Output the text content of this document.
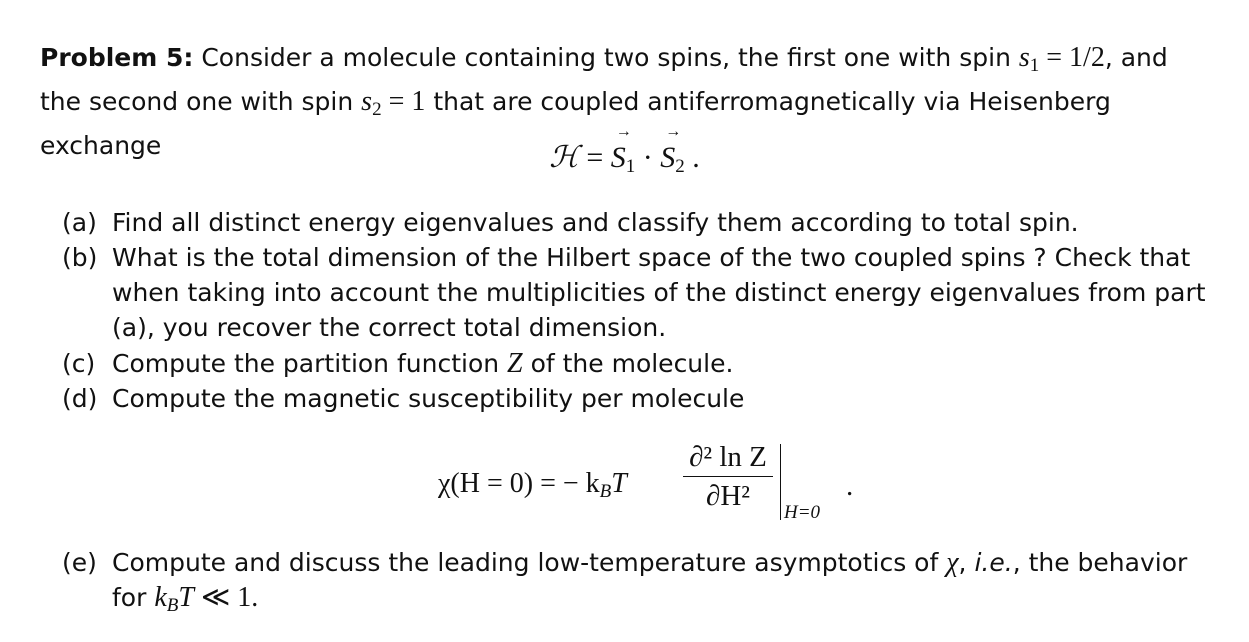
Problem 5: Consider a molecule containing two spins, the first one with spin $s_1 = 1/2$, and the second one with spin $s_2 = 1$ that are coupled antiferromagnetically via Heisenberg exchange	ℋ = → $S_1$ · → $S_2$ .
(a) Find all distinct energy eigenvalues and classify them according to total spin.
(b) What is the total dimension of the Hilbert space of the two coupled spins ? Check that when taking into account the multiplicities of the distinct energy eigenvalues from part (a), you recover the correct total dimension.
(c) Compute the partition function Z of the molecule.
(d) Compute the magnetic susceptibility per molecule
χ(H = 0) = − kBT
∂² ln Z
∂H²
H=0
.
(e) Compute and discuss the leading low-temperature asymptotics of χ, i.e., the behavior for $k_BT$ ≪ 1.
